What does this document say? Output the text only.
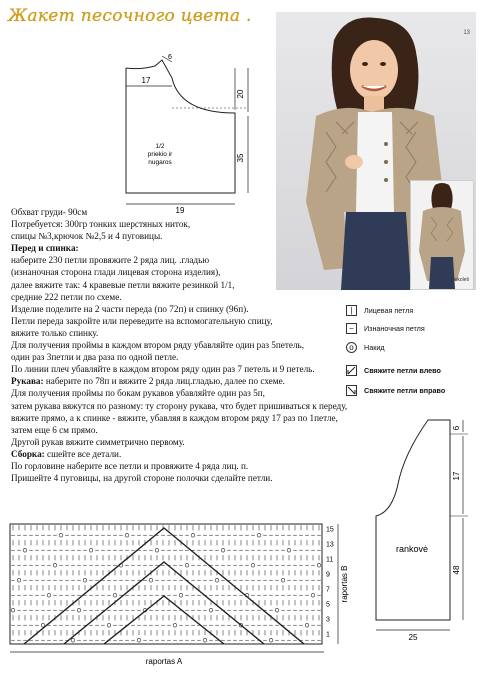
Жакет песочного цвета .
17
6
19
20
35
1/2
priekio ir
nugaros
13
Dekoleti

Обхват груди- 90см

Потребуется: 300гр тонких шерстяных ниток,

спицы №3,крючок №2,5 и 4 пуговицы.

Перед и спинка:

наберите 230 петли провяжите 2 ряда лиц. .гладью

(изнаночная сторона глади лицевая сторона изделия),

далее вяжите так: 4 кравевые петли вяжите резинкой 1/1,

средние 222 петли по схеме.

Изделие поделите на 2 части переда (по 72п) и спинку (96п).

Петли переда закройте или переведите на вспомогательную спицу,

вяжите только спинку.

Для получения проймы в каждом втором ряду убавляйте один раз 5петель,

один раз 3петли и два раза по одной петле.

По линии плеч убавляйте в каждом втором ряду один раз 7 петель и 9 петель.

Рукава: наберите по 78п и вяжите 2 ряда лиц.гладью, далее по схеме.

Для получения проймы по бокам рукавов убавляйте один раз 5п,

затем рукава вяжутся по разному: ту сторону рукава, что будет пришиваться к переду,

вяжите прямо, а к спинке - вяжите, убавляя в каждом втором ряду 17 раз по 1петле,

затем еще 6 см прямо.

Другой рукав вяжите симметрично первому.

Сборка: сшейте все детали.

По горловине наберите все петли и провяжите 4 ряда лиц. п.

Пришейте 4 пуговицы, на другой стороне полочки сделайте петли.

|	Лицевая петля
−	Изнаночная петля
o	Накид
Свяжите петли влево
Свяжите петли вправо
rankovė
6
17
48
25
15
13
11
9
7
5
3
1
raportas A
raportas B
